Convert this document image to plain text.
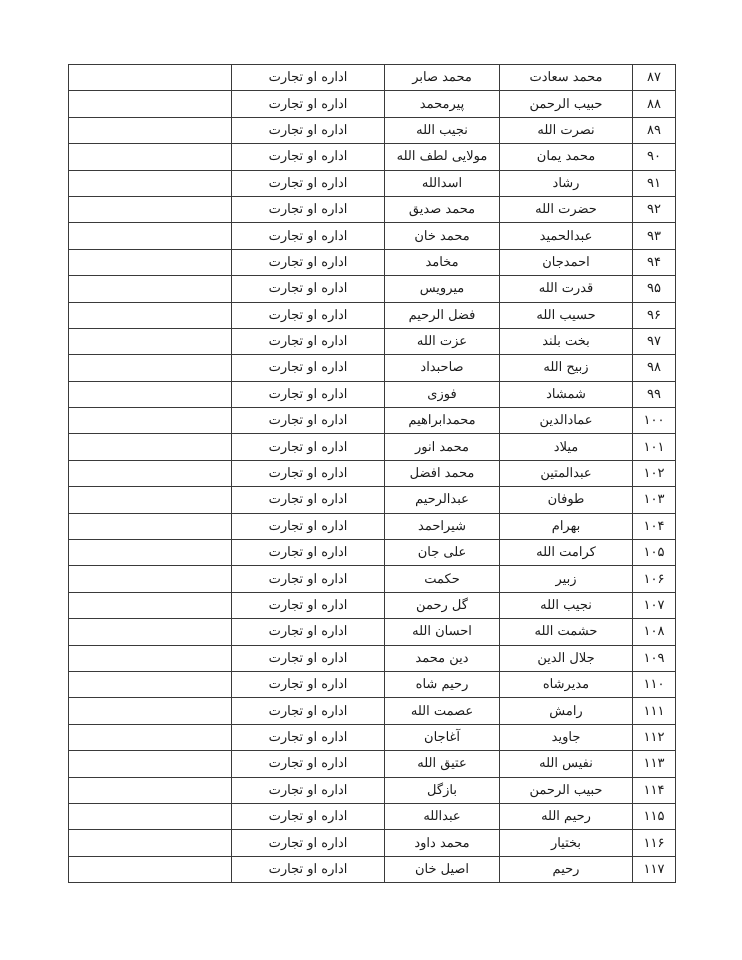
۸۷	محمد سعادت	محمد صابر	اداره او تجارت	
۸۸	حبیب الرحمن	پیرمحمد	اداره او تجارت	
۸۹	نصرت الله	نجیب الله	اداره او تجارت	
۹۰	محمد یمان	مولایی لطف الله	اداره او تجارت	
۹۱	رشاد	اسدالله	اداره او تجارت	
۹۲	حضرت الله	محمد صدیق	اداره او تجارت	
۹۳	عبدالحمید	محمد خان	اداره او تجارت	
۹۴	احمدجان	مخامد	اداره او تجارت	
۹۵	قدرت الله	میرویس	اداره او تجارت	
۹۶	حسیب الله	فضل الرحیم	اداره او تجارت	
۹۷	بخت بلند	عزت الله	اداره او تجارت	
۹۸	زبیح الله	صاحبداد	اداره او تجارت	
۹۹	شمشاد	فوزی	اداره او تجارت	
۱۰۰	عمادالدین	محمدابراهیم	اداره او تجارت	
۱۰۱	میلاد	محمد انور	اداره او تجارت	
۱۰۲	عبدالمتین	محمد افضل	اداره او تجارت	
۱۰۳	طوفان	عبدالرحیم	اداره او تجارت	
۱۰۴	بهرام	شیراحمد	اداره او تجارت	
۱۰۵	کرامت الله	علی جان	اداره او تجارت	
۱۰۶	زبیر	حکمت	اداره او تجارت	
۱۰۷	نجیب الله	گل رحمن	اداره او تجارت	
۱۰۸	حشمت الله	احسان الله	اداره او تجارت	
۱۰۹	جلال الدین	دین محمد	اداره او تجارت	
۱۱۰	مدیرشاه	رحیم شاه	اداره او تجارت	
۱۱۱	رامش	عصمت الله	اداره او تجارت	
۱۱۲	جاوید	آغاجان	اداره او تجارت	
۱۱۳	نفیس الله	عتیق الله	اداره او تجارت	
۱۱۴	حبیب الرحمن	بازگل	اداره او تجارت	
۱۱۵	رحیم الله	عبدالله	اداره او تجارت	
۱۱۶	بختیار	محمد داود	اداره او تجارت	
۱۱۷	رحیم	اصیل خان	اداره او تجارت	
